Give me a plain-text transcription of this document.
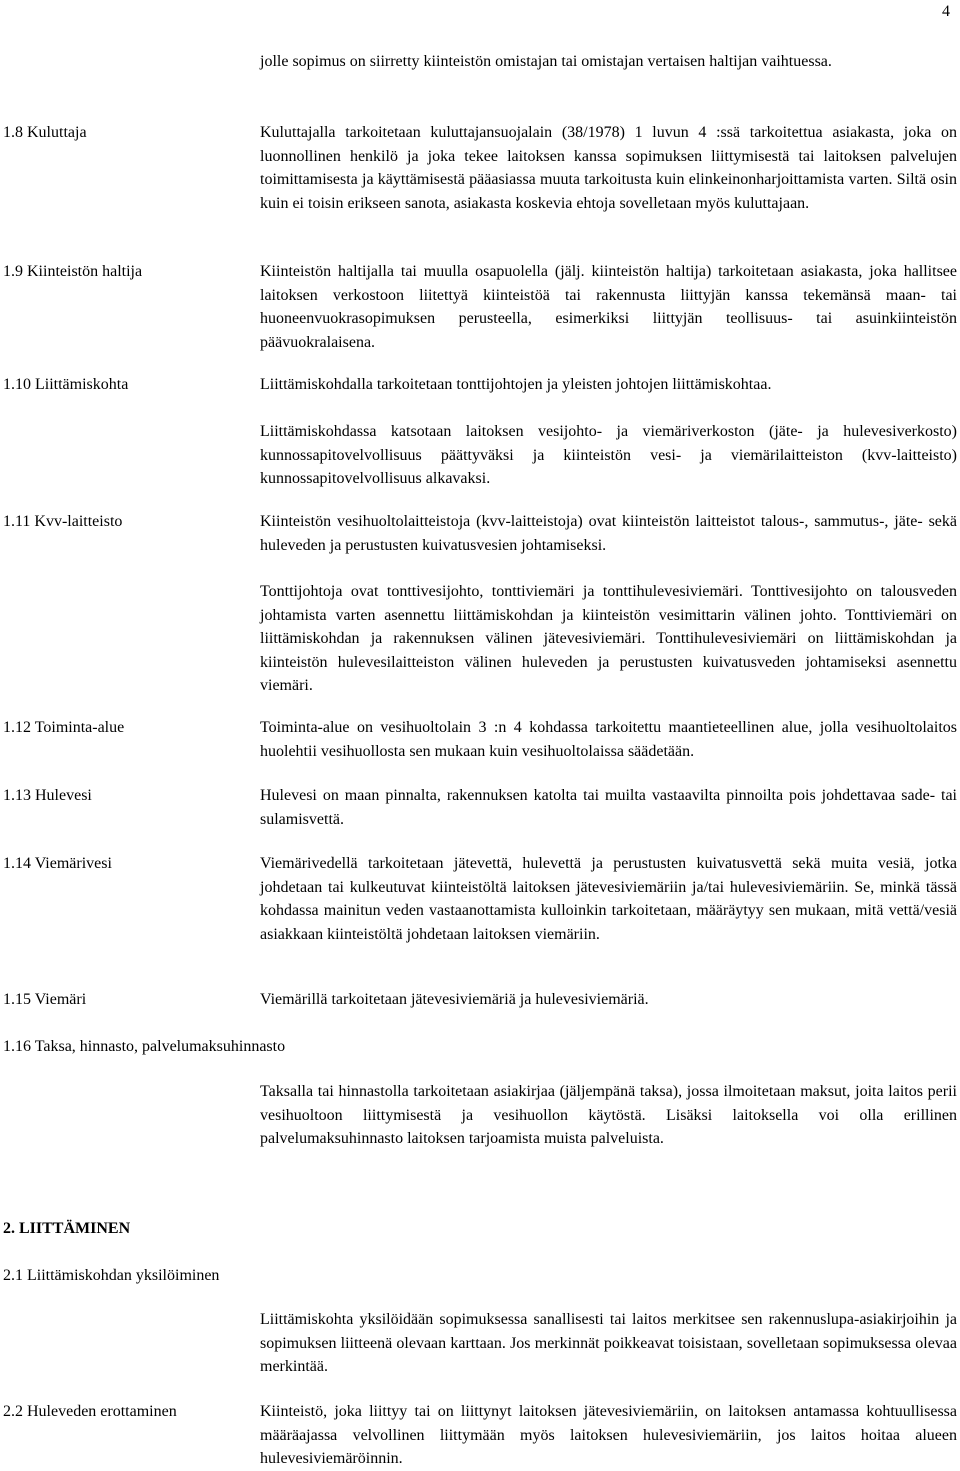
4
jolle sopimus on siirretty kiinteistön omistajan tai omistajan vertaisen haltijan vaihtuessa.
1.8 Kuluttaja	Kuluttajalla tarkoitetaan kuluttajansuojalain (38/1978) 1 luvun 4 :ssä tarkoitettua asiakasta, joka on luonnollinen henkilö ja joka tekee laitoksen kanssa sopimuksen liittymisestä tai laitoksen palvelujen toimittamisesta ja käyttämisestä pääasiassa muuta tarkoitusta kuin elinkeinonharjoittamista varten. Siltä osin kuin ei toisin erikseen sanota, asiakasta koskevia ehtoja sovelletaan myös kuluttajaan.
1.9 Kiinteistön haltija	Kiinteistön haltijalla tai muulla osapuolella (jälj. kiinteistön haltija) tarkoitetaan asiakasta, joka hallitsee laitoksen verkostoon liitettyä kiinteistöä tai rakennusta liittyjän kanssa tekemänsä maan- tai huoneenvuokrasopimuksen perusteella, esimerkiksi liittyjän teollisuus- tai asuinkiinteistön päävuokralaisena.
1.10 Liittämiskohta	Liittämiskohdalla tarkoitetaan tonttijohtojen ja yleisten johtojen liittämiskohtaa.
Liittämiskohdassa katsotaan laitoksen vesijohto- ja viemäriverkoston (jäte- ja hulevesiverkosto) kunnossapitovelvollisuus päättyväksi ja kiinteistön vesi- ja viemärilaitteiston (kvv-laitteisto) kunnossapitovelvollisuus alkavaksi.
1.11 Kvv-laitteisto	Kiinteistön vesihuoltolaitteistoja (kvv-laitteistoja) ovat kiinteistön laitteistot talous-, sammutus-, jäte- sekä huleveden ja perustusten kuivatusvesien johtamiseksi.
Tonttijohtoja ovat tonttivesijohto, tonttiviemäri ja tonttihulevesiviemäri. Tonttivesijohto on talousveden johtamista varten asennettu liittämiskohdan ja kiinteistön vesimittarin välinen johto. Tonttiviemäri on liittämiskohdan ja rakennuksen välinen jätevesiviemäri. Tonttihulevesiviemäri on liittämiskohdan ja kiinteistön hulevesilaitteiston välinen huleveden ja perustusten kuivatusveden johtamiseksi asennettu viemäri.
1.12 Toiminta-alue	Toiminta-alue on vesihuoltolain 3 :n 4 kohdassa tarkoitettu maantieteellinen alue, jolla vesihuoltolaitos huolehtii vesihuollosta sen mukaan kuin vesihuoltolaissa säädetään.
1.13 Hulevesi	Hulevesi on maan pinnalta, rakennuksen katolta tai muilta vastaavilta pinnoilta pois johdettavaa sade- tai sulamisvettä.
1.14 Viemärivesi	Viemärivedellä tarkoitetaan jätevettä, hulevettä ja perustusten kuivatusvettä sekä muita vesiä, jotka johdetaan tai kulkeutuvat kiinteistöltä laitoksen jätevesiviemäriin ja/tai hulevesiviemäriin. Se, minkä tässä kohdassa mainitun veden vastaanottamista kulloinkin tarkoitetaan, määräytyy sen mukaan, mitä vettä/vesiä asiakkaan kiinteistöltä johdetaan laitoksen viemäriin.
1.15 Viemäri	Viemärillä tarkoitetaan jätevesiviemäriä ja hulevesiviemäriä.
1.16 Taksa, hinnasto, palvelumaksuhinnasto
Taksalla tai hinnastolla tarkoitetaan asiakirjaa (jäljempänä taksa), jossa ilmoitetaan maksut, joita laitos perii vesihuoltoon liittymisestä ja vesihuollon käytöstä. Lisäksi laitoksella voi olla erillinen palvelumaksuhinnasto laitoksen tarjoamista muista palveluista.
2. LIITTÄMINEN
2.1 Liittämiskohdan yksilöiminen
Liittämiskohta yksilöidään sopimuksessa sanallisesti tai laitos merkitsee sen rakennuslupa-asiakirjoihin ja sopimuksen liitteenä olevaan karttaan. Jos merkinnät poikkeavat toisistaan, sovelletaan sopimuksessa olevaa merkintää.
2.2 Huleveden erottaminen	Kiinteistö, joka liittyy tai on liittynyt laitoksen jätevesiviemäriin, on laitoksen antamassa kohtuullisessa määräajassa velvollinen liittymään myös laitoksen hulevesiviemäriin, jos laitos hoitaa alueen hulevesiviemäröinnin.
